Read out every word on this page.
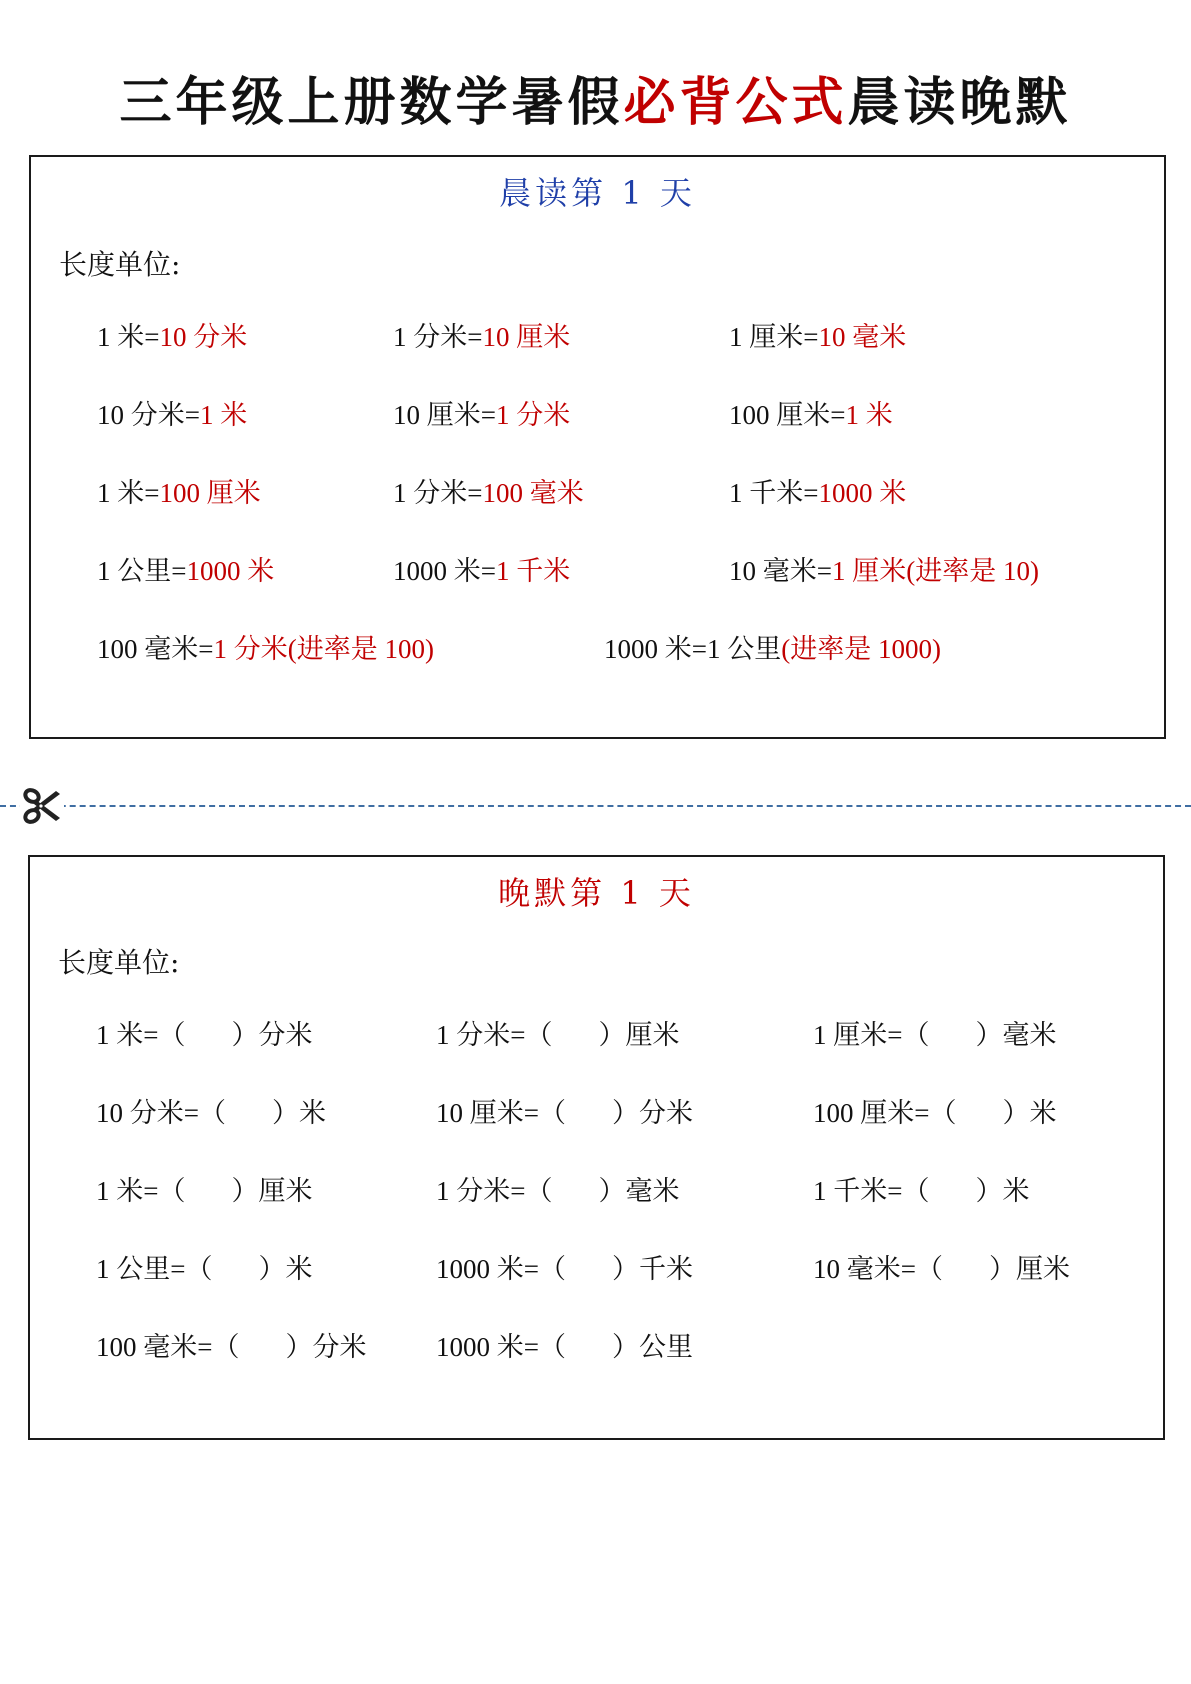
三年级上册数学暑假必背公式晨读晚默
晨读第 1 天
长度单位:
1 米=10 分米	1 分米=10 厘米	1 厘米=10 毫米
10 分米=1 米	10 厘米=1 分米	100 厘米=1 米
1 米=100 厘米	1 分米=100 毫米	1 千米=1000 米
1 公里=1000 米	1000 米=1 千米	10 毫米=1 厘米(进率是 10)
100 毫米=1 分米(进率是 100)	1000 米=1 公里(进率是 1000)
晚默第 1 天
长度单位:
1 米=（ ）分米	1 分米=（ ）厘米	1 厘米=（ ）毫米
10 分米=（ ）米	10 厘米=（ ）分米	100 厘米=（ ）米
1 米=（ ）厘米	1 分米=（ ）毫米	1 千米=（ ）米
1 公里=（ ）米	1000 米=（ ）千米	10 毫米=（ ）厘米
100 毫米=（ ）分米	1000 米=（ ）公里
